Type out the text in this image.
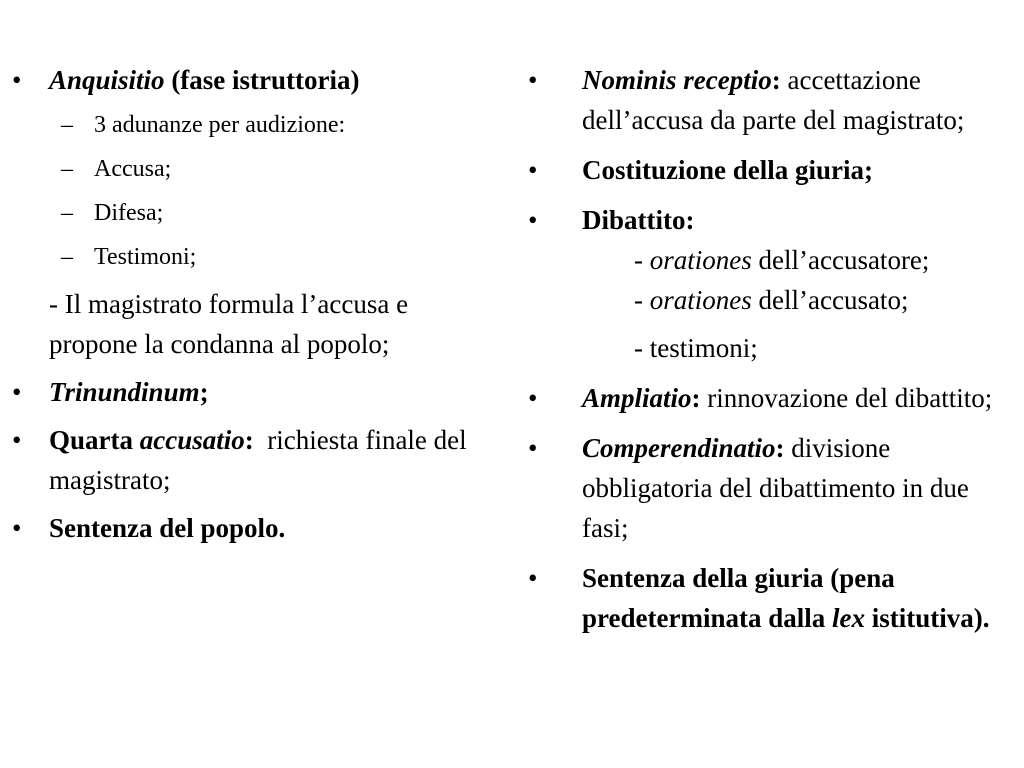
• Anquisitio (fase istruttoria)
– 3 adunanze per audizione:
– Accusa;
– Difesa;
– Testimoni;
- Il magistrato formula l’accusa e propone la condanna al popolo;
• Trinundinum;
• Quarta accusatio:  richiesta finale del magistrato;
• Sentenza del popolo.
• Nominis receptio: accettazione dell’accusa da parte del magistrato;
• Costituzione della giuria;
• Dibattito:
- orationes dell’accusatore;
- orationes dell’accusato;
- testimoni;
• Ampliatio: rinnovazione del dibattito;
• Comperendinatio: divisione obbligatoria del dibattimento in due fasi;
• Sentenza della giuria (pena predeterminata dalla lex istitutiva).
